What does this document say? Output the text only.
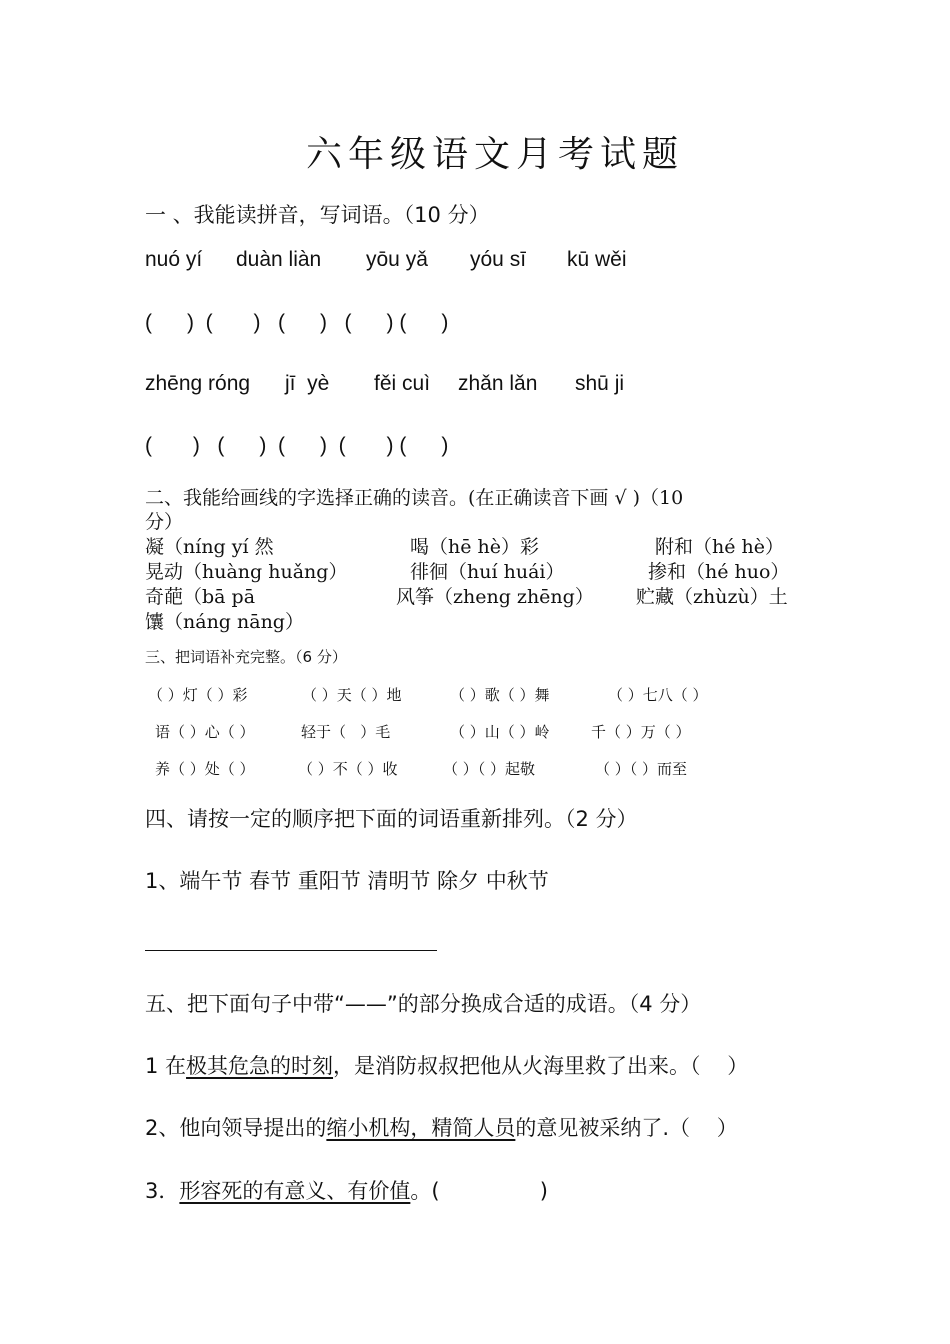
六年级语文月考试题
一 、我能读拼音，写词语。（10 分）
nuó yí duàn liàn yōu yǎ yóu sī kū wěi
(      )  (       )   (      )   (      ) (      )
zhēng róng jī  yè fěi cuì zhǎn lǎn shū ji
(       )   (      )  (      )  (       ) (      )
二、我能给画线的字选择正确的读音。(在正确读音下画 √ )（10
分）
凝（níng yí 然	喝（hē hè）彩	附和（hé hè）
晃动（huàng huǎng）	徘徊（huí huái）	掺和（hé huo）
奇葩（bā pā	风筝（zheng zhēng） 贮藏（zhùzù）土
馕（náng nāng）
三、把词语补充完整。（6 分）
（ ）灯（ ）彩	（ ）天（ ）地	（ ）歌（ ）舞	（ ）七八（ ）
语（ ）心（ ）	轻于（   ）毛	（ ）山（ ）岭	千（ ）万（ ）
养（ ）处（ ）	（ ）不（ ）收	（ ）（ ）起敬	（ ）（ ）而至
四、请按一定的顺序把下面的词语重新排列。（2 分）
1、端午节 春节 重阳节 清明节 除夕 中秋节
五、把下面句子中带“——”的部分换成合适的成语。（4 分）
1 在极其危急的时刻，是消防叔叔把他从火海里救了出来。（    ）
2、他向领导提出的缩小机构，精简人员的意见被采纳了.（    ）
3．形容死的有意义、有价值。(               )
